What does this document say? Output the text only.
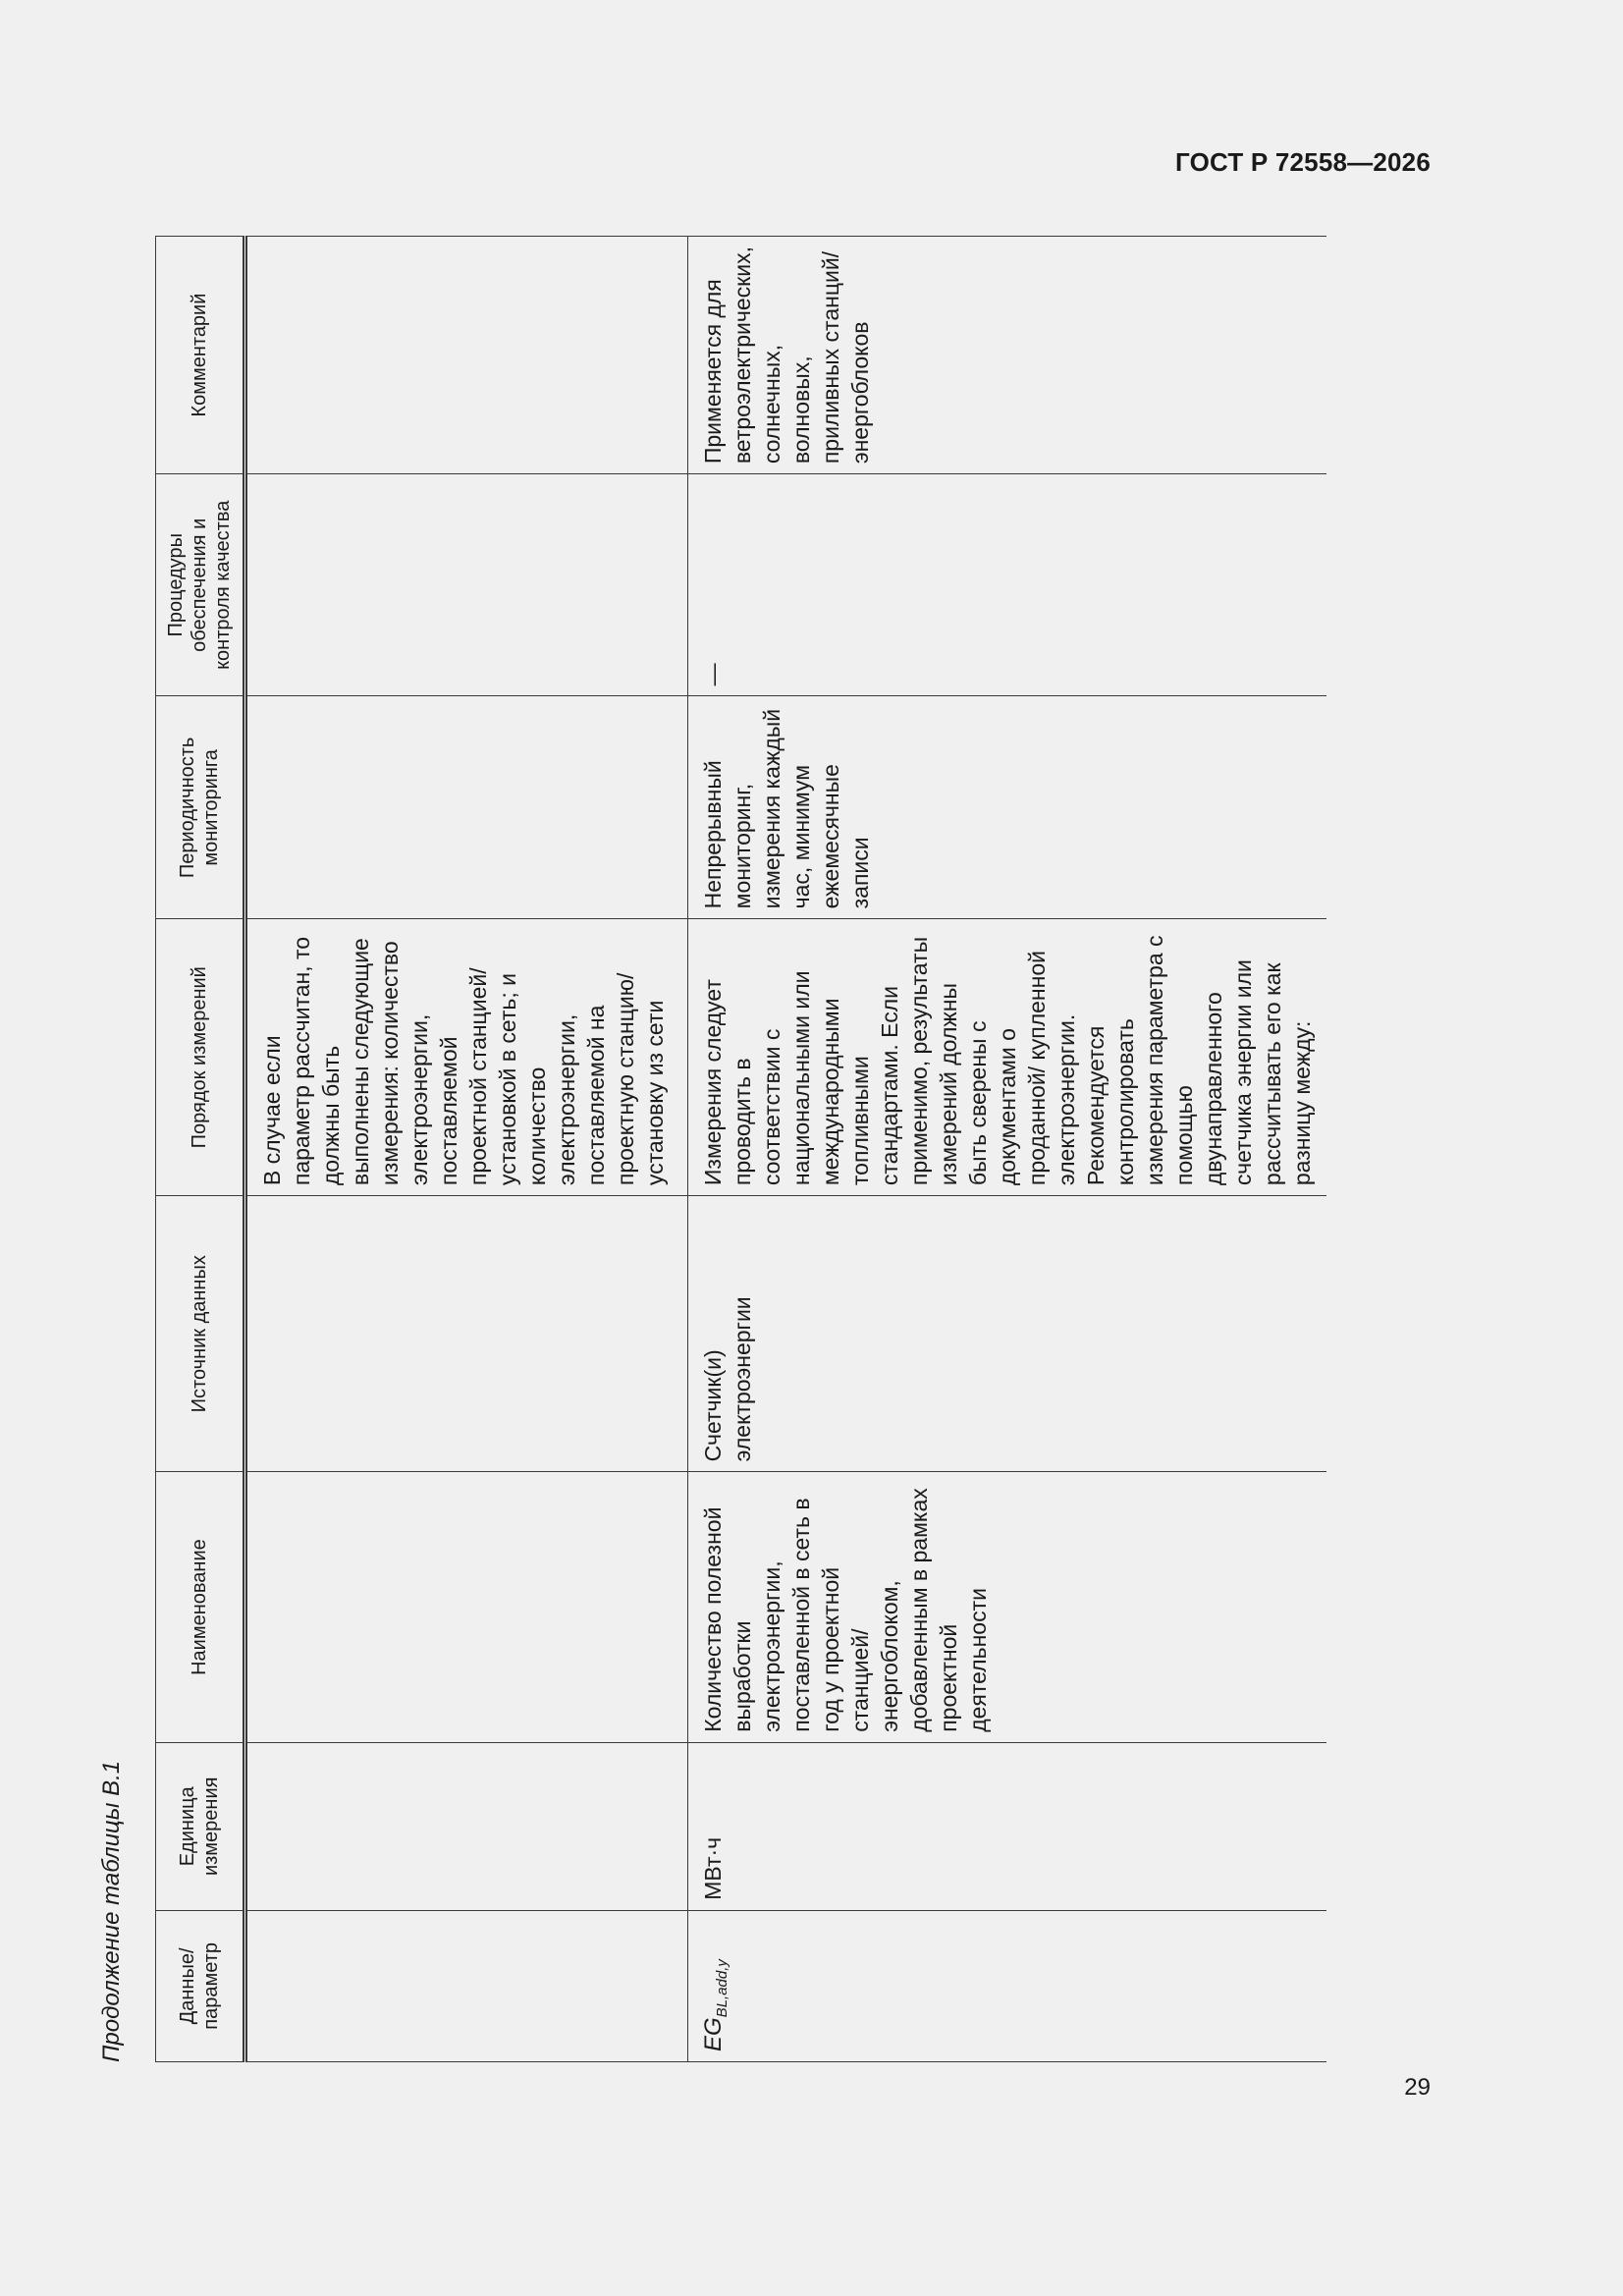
ГОСТ Р 72558—2026
Продолжение таблицы В.1	Данные/ параметр	Единица измерения	Наименование	Источник данных	Порядок измерений	Периодичность мониторинга	Процедуры обеспечения и контроля качества	Комментарий
				В случае если параметр рассчитан, то должны быть выполнены следующие измерения: количество электроэнергии, поставляемой проектной станцией/ установкой в сеть; и количество электроэнергии, поставляемой на проектную станцию/ установку из сети			
$EG_{BL,add,y}$	МВт·ч	Количество полезной выработки электроэнергии, поставленной в сеть в год у проектной станцией/энергоблоком, добавленным в рамках проектной деятельности	Счетчик(и) электроэнергии	Измерения следует проводить в соответствии с национальными или международными топливными стандартами. Если применимо, результаты измерений должны быть сверены с документами о проданной/ купленной электроэнергии. Рекомендуется контролировать измерения параметра с помощью двунаправленного счетчика энергии или рассчитывать его как разницу между:	Непрерывный мониторинг, измерения каждый час, минимум ежемесячные записи	—	Применяется для ветроэлектрических, солнечных, волновых, приливных станций/ энергоблоков
29
